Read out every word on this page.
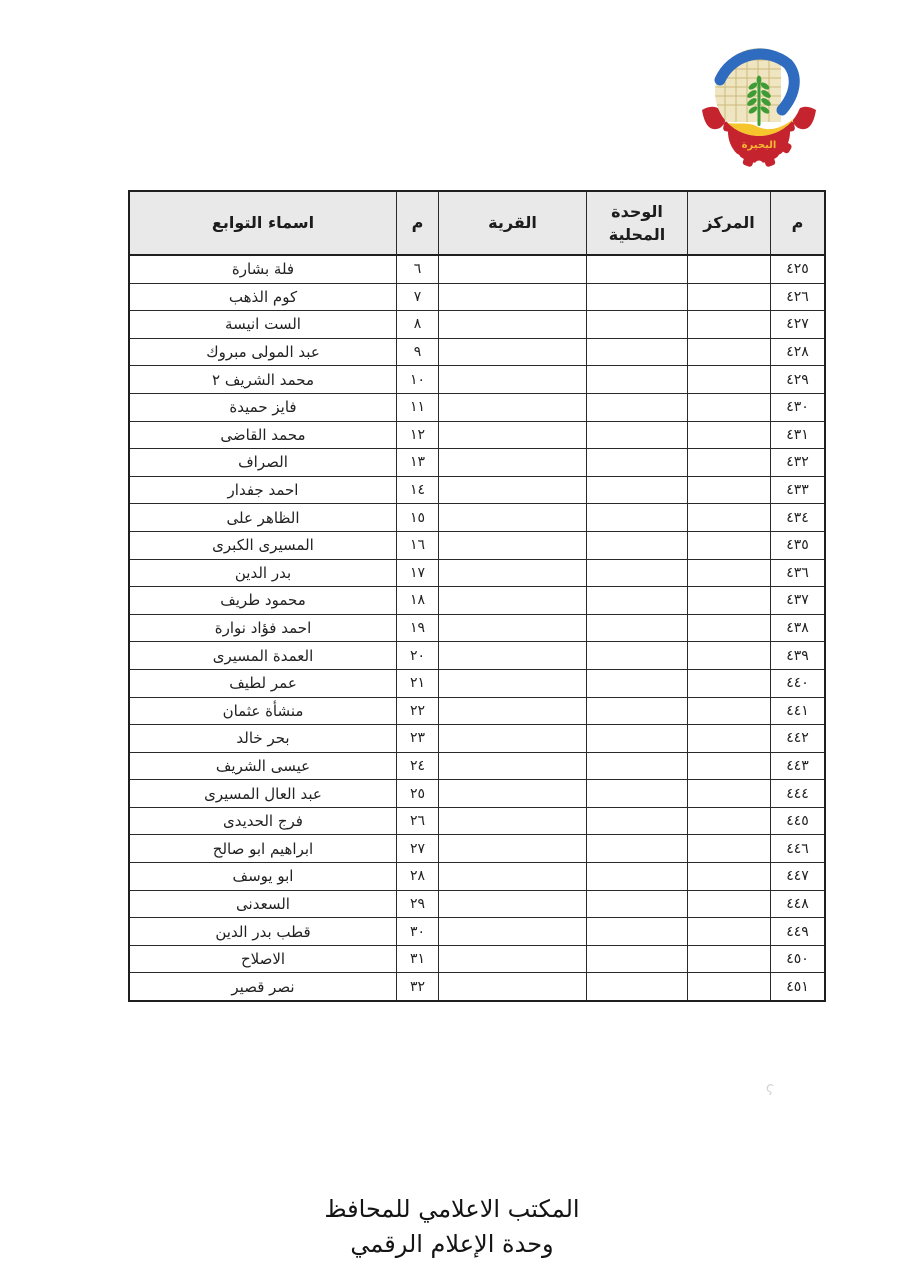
البحيرة
م	المركز	الوحدة المحلية	القرية	م	اسماء التوابع
٤٢٥				٦	فلة بشارة
٤٢٦				٧	كوم الذهب
٤٢٧				٨	الست انيسة
٤٢٨				٩	عبد المولى مبروك
٤٢٩				١٠	محمد الشريف ٢
٤٣٠				١١	فايز حميدة
٤٣١				١٢	محمد القاضى
٤٣٢				١٣	الصراف
٤٣٣				١٤	احمد جفدار
٤٣٤				١٥	الظاهر على
٤٣٥				١٦	المسيرى الكبرى
٤٣٦				١٧	بدر الدين
٤٣٧				١٨	محمود طريف
٤٣٨				١٩	احمد فؤاد نوارة
٤٣٩				٢٠	العمدة المسيرى
٤٤٠				٢١	عمر لطيف
٤٤١				٢٢	منشأة عثمان
٤٤٢				٢٣	بحر خالد
٤٤٣				٢٤	عيسى الشريف
٤٤٤				٢٥	عبد العال المسيرى
٤٤٥				٢٦	فرج الحديدى
٤٤٦				٢٧	ابراهيم ابو صالح
٤٤٧				٢٨	ابو يوسف
٤٤٨				٢٩	السعدنى
٤٤٩				٣٠	قطب بدر الدين
٤٥٠				٣١	الاصلاح
٤٥١				٣٢	نصر قصير
ς
المكتب الاعلامي للمحافظ
وحدة الإعلام الرقمي
